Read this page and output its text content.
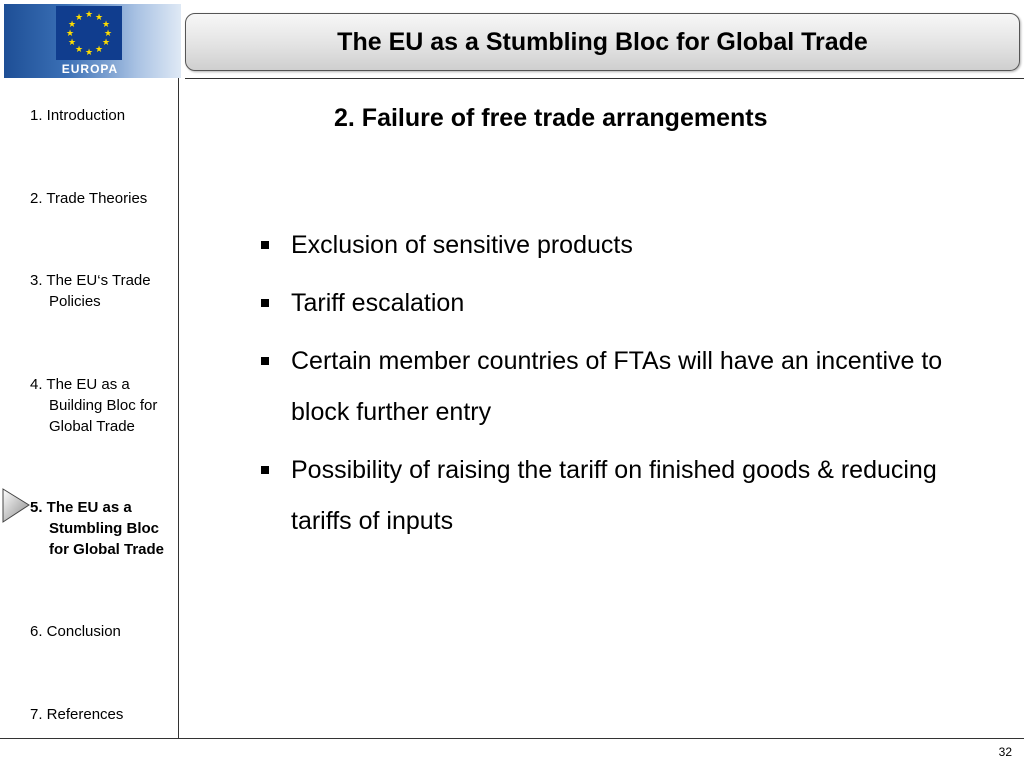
★ ★
★
★
★
★
★
★
★
★
★
★
EUROPA
The EU as a Stumbling Bloc for Global Trade
1. Introduction
2. Trade Theories
3. The EU‘s Trade
Policies
4. The EU as a
Building Bloc for
Global Trade
5. The EU as a
Stumbling Bloc
for Global Trade
6. Conclusion
7. References
2. Failure of free trade arrangements
Exclusion of sensitive products
Tariff escalation
Certain member countries of FTAs will have an incentive to block further entry
Possibility of raising the tariff on finished goods & reducing tariffs of inputs
32
